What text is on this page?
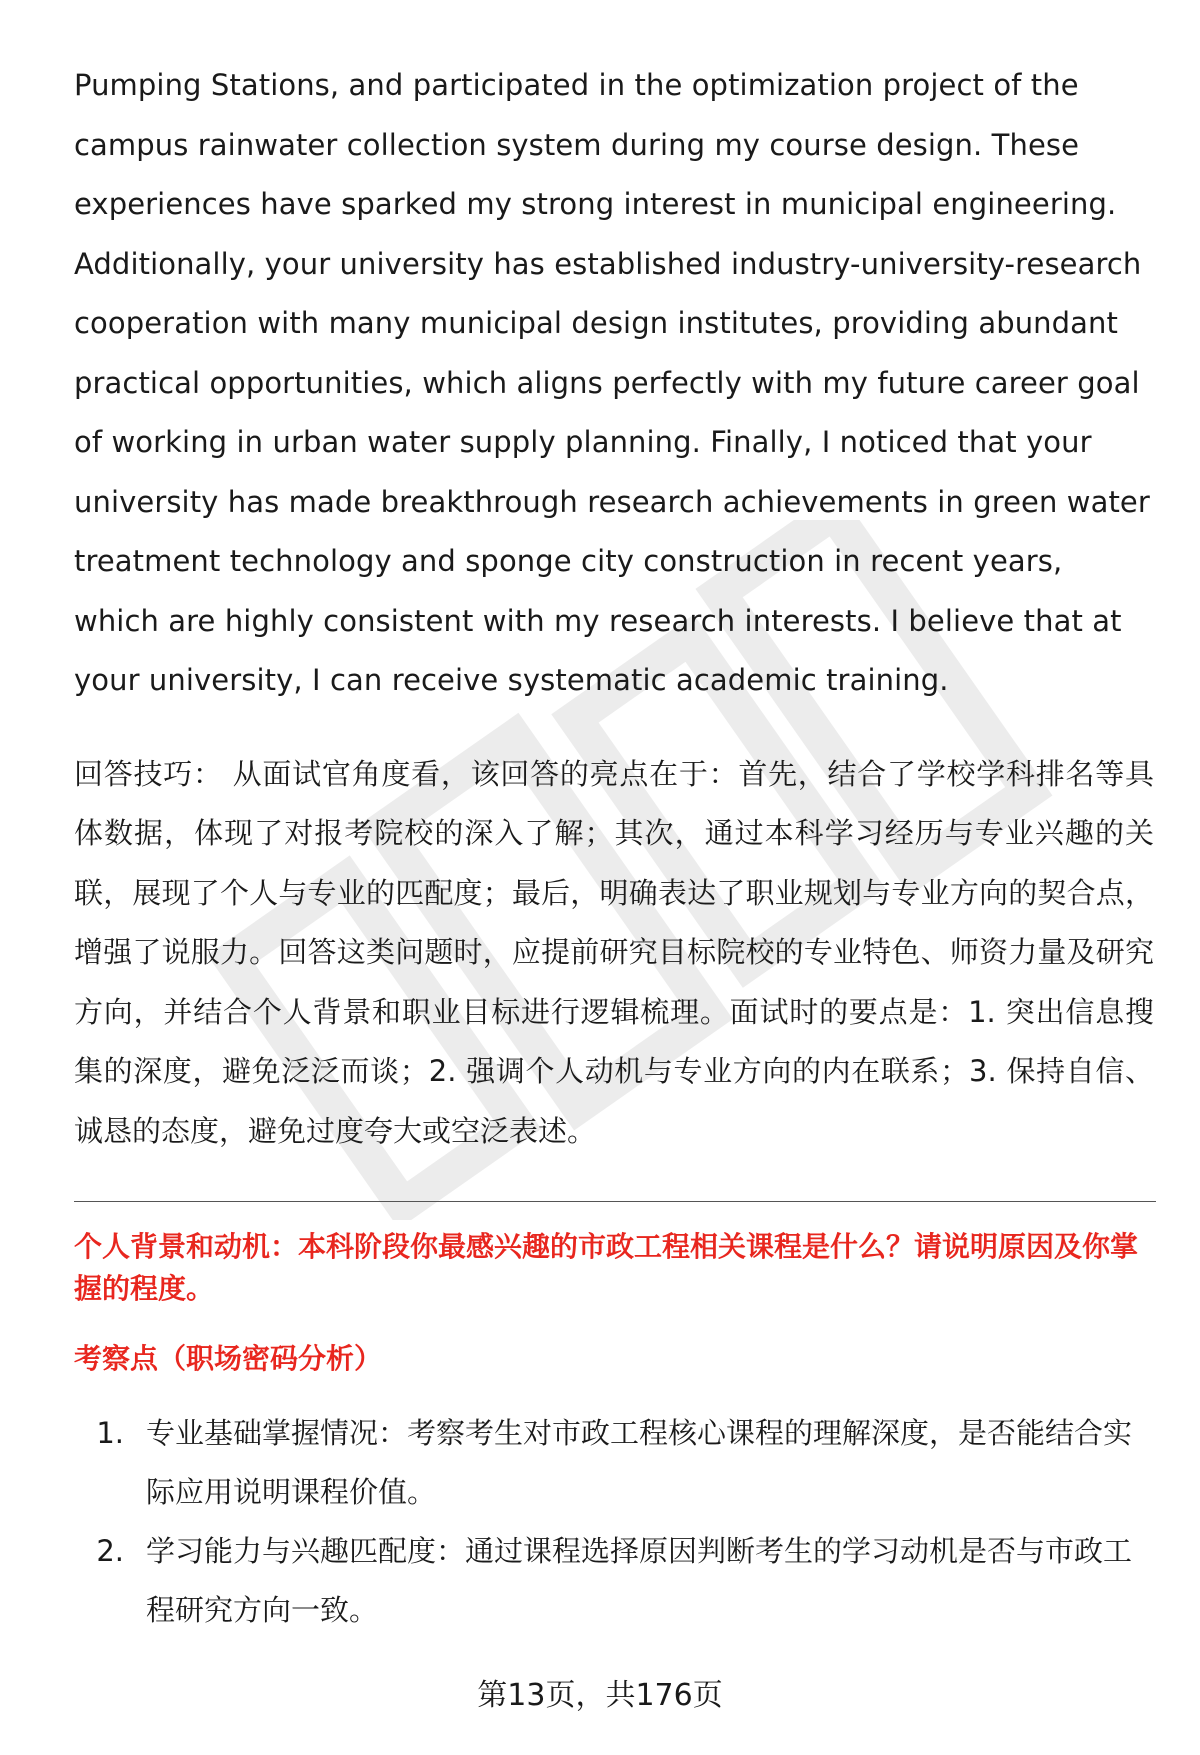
Pumping Stations, and participated in the optimization project of the campus rainwater collection system during my course design. These experiences have sparked my strong interest in municipal engineering. Additionally, your university has established industry-university-research cooperation with many municipal design institutes, providing abundant practical opportunities, which aligns perfectly with my future career goal of working in urban water supply planning. Finally, I noticed that your university has made breakthrough research achievements in green water treatment technology and sponge city construction in recent years, which are highly consistent with my research interests. I believe that at your university, I can receive systematic academic training.

回答技巧： 从面试官角度看，该回答的亮点在于：首先，结合了学校学科排名等具体数据，体现了对报考院校的深入了解；其次，通过本科学习经历与专业兴趣的关联，展现了个人与专业的匹配度；最后，明确表达了职业规划与专业方向的契合点，增强了说服力。回答这类问题时，应提前研究目标院校的专业特色、师资力量及研究方向，并结合个人背景和职业目标进行逻辑梳理。面试时的要点是：1. 突出信息搜集的深度，避免泛泛而谈；2. 强调个人动机与专业方向的内在联系；3. 保持自信、诚恳的态度，避免过度夸大或空泛表述。

个人背景和动机：本科阶段你最感兴趣的市政工程相关课程是什么？请说明原因及你掌握的程度。
考察点（职场密码分析）
1. 专业基础掌握情况：考察考生对市政工程核心课程的理解深度，是否能结合实际应用说明课程价值。
2. 学习能力与兴趣匹配度：通过课程选择原因判断考生的学习动机是否与市政工程研究方向一致。
第13页，共176页
